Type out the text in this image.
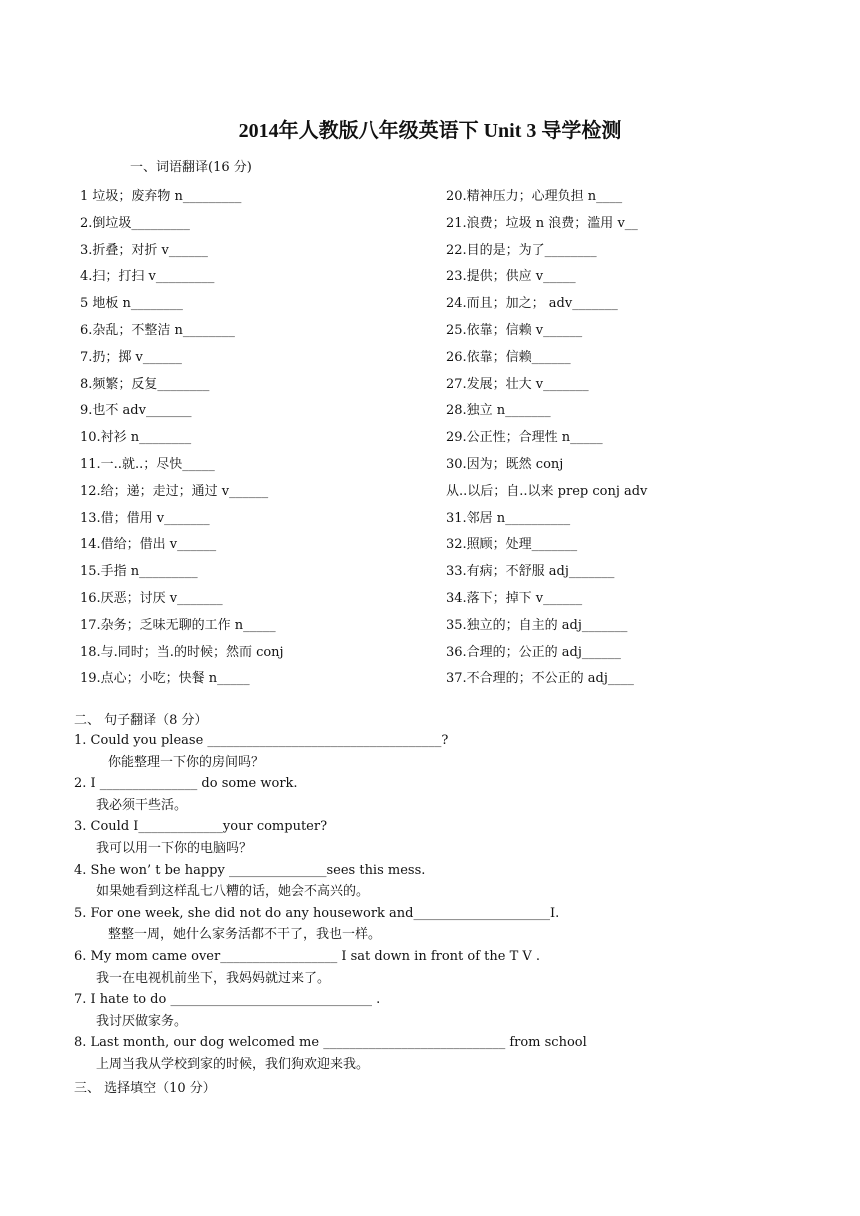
2014年人教版八年级英语下 Unit 3 导学检测
一、词语翻译(16 分)
1 垃圾；废弃物 n_________
2.倒垃圾_________
3.折叠；对折 v______
4.扫；打扫 v_________
5 地板 n________
6.杂乱；不整洁 n________
7.扔；掷 v______
8.频繁；反复________
9.也不 adv_______
10.衬衫 n________
11.一..就..；尽快_____
12.给；递；走过；通过 v______
13.借；借用 v_______
14.借给；借出 v______
15.手指 n_________
16.厌恶；讨厌 v_______
17.杂务；乏味无聊的工作 n_____
18.与.同时；当.的时候；然而 conj
19.点心；小吃；快餐 n_____
20.精神压力；心理负担 n____
21.浪费；垃圾 n 浪费；滥用 v__
22.目的是；为了________
23.提供；供应 v_____
24.而且；加之； adv_______
25.依靠；信赖 v______
26.依靠；信赖______
27.发展；壮大 v_______
28.独立 n_______
29.公正性；合理性 n_____
30.因为；既然 conj
从..以后；自..以来 prep conj adv
31.邻居 n__________
32.照顾；处理_______
33.有病；不舒服 adj_______
34.落下；掉下 v______
35.独立的；自主的 adj_______
36.合理的；公正的 adj______
37.不合理的；不公正的 adj____
二、 句子翻译（8 分）
1. Could you please ____________________________________?
你能整理一下你的房间吗？
2. I _______________ do some work.
我必须干些活。
3. Could I_____________your computer?
我可以用一下你的电脑吗？
4. She won’ t be happy _______________sees this mess.
如果她看到这样乱七八糟的话，她会不高兴的。
5. For one week, she did not do any housework and_____________________I.
整整一周，她什么家务活都不干了，我也一样。
6. My mom came over__________________ I sat down in front of the T V .
我一在电视机前坐下，我妈妈就过来了。
7. I hate to do _______________________________ .
我讨厌做家务。
8. Last month, our dog welcomed me ____________________________ from school
上周当我从学校到家的时候，我们狗欢迎来我。
三、 选择填空（10 分）
